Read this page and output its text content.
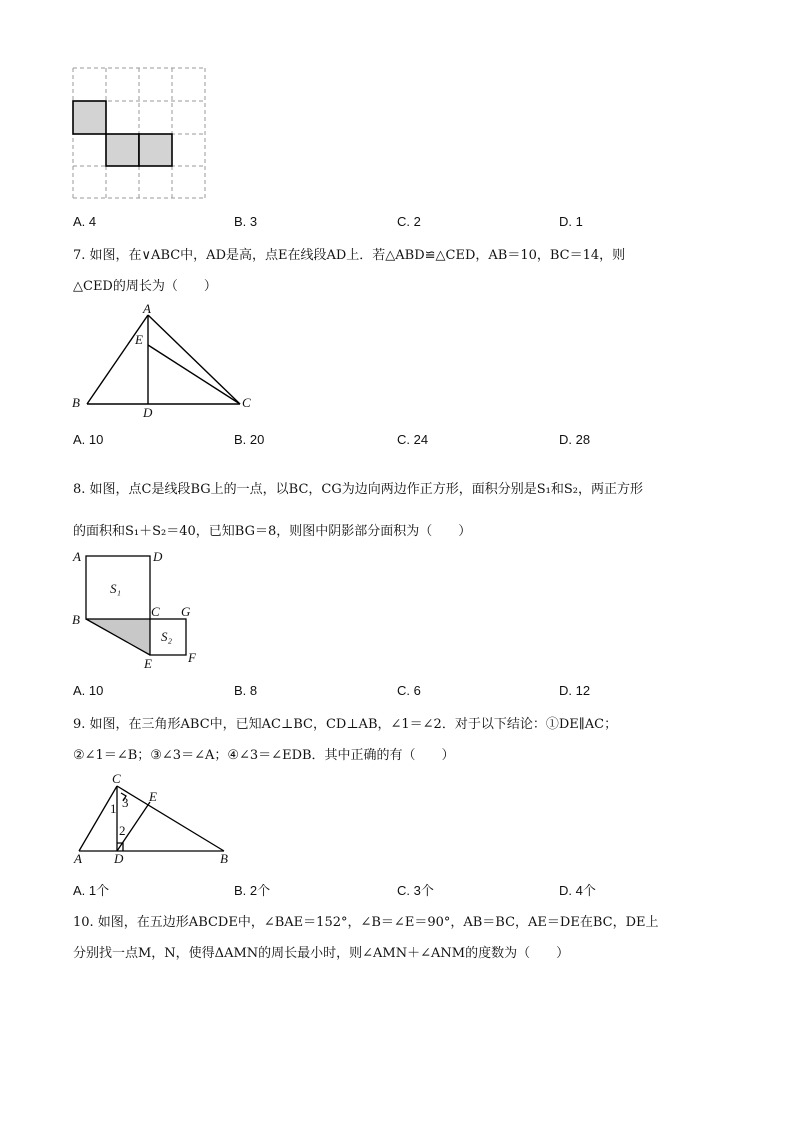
A. 4	B. 3	C. 2	D. 1
7. 如图，在∨ABC中，AD是高，点E在线段AD上．若△ABD≌△CED，AB＝10，BC＝14，则
△CED的周长为（　　）
A
E
B
D
C
A. 10	B. 20	C. 24	D. 28
8. 如图，点C是线段BG上的一点，以BC，CG为边向两边作正方形，面积分别是S₁和S₂，两正方形
的面积和S₁＋S₂＝40，已知BG＝8，则图中阴影部分面积为（　　）
A	D
S₁
B
C G
S₂
E	F
A. 10	B. 8	C. 6	D. 12
9. 如图，在三角形ABC中，已知AC⊥BC，CD⊥AB，∠1＝∠2．对于以下结论：①DE∥AC；
②∠1＝∠B；③∠3＝∠A；④∠3＝∠EDB．其中正确的有（　　）
C
E
1 3
2
A D	B
A. 1个	B. 2个	C. 3个	D. 4个
10. 如图，在五边形ABCDE中，∠BAE＝152°，∠B＝∠E＝90°，AB＝BC，AE＝DE在BC，DE上
分别找一点M，N，使得ΔAMN的周长最小时，则∠AMN＋∠ANM的度数为（　　）
